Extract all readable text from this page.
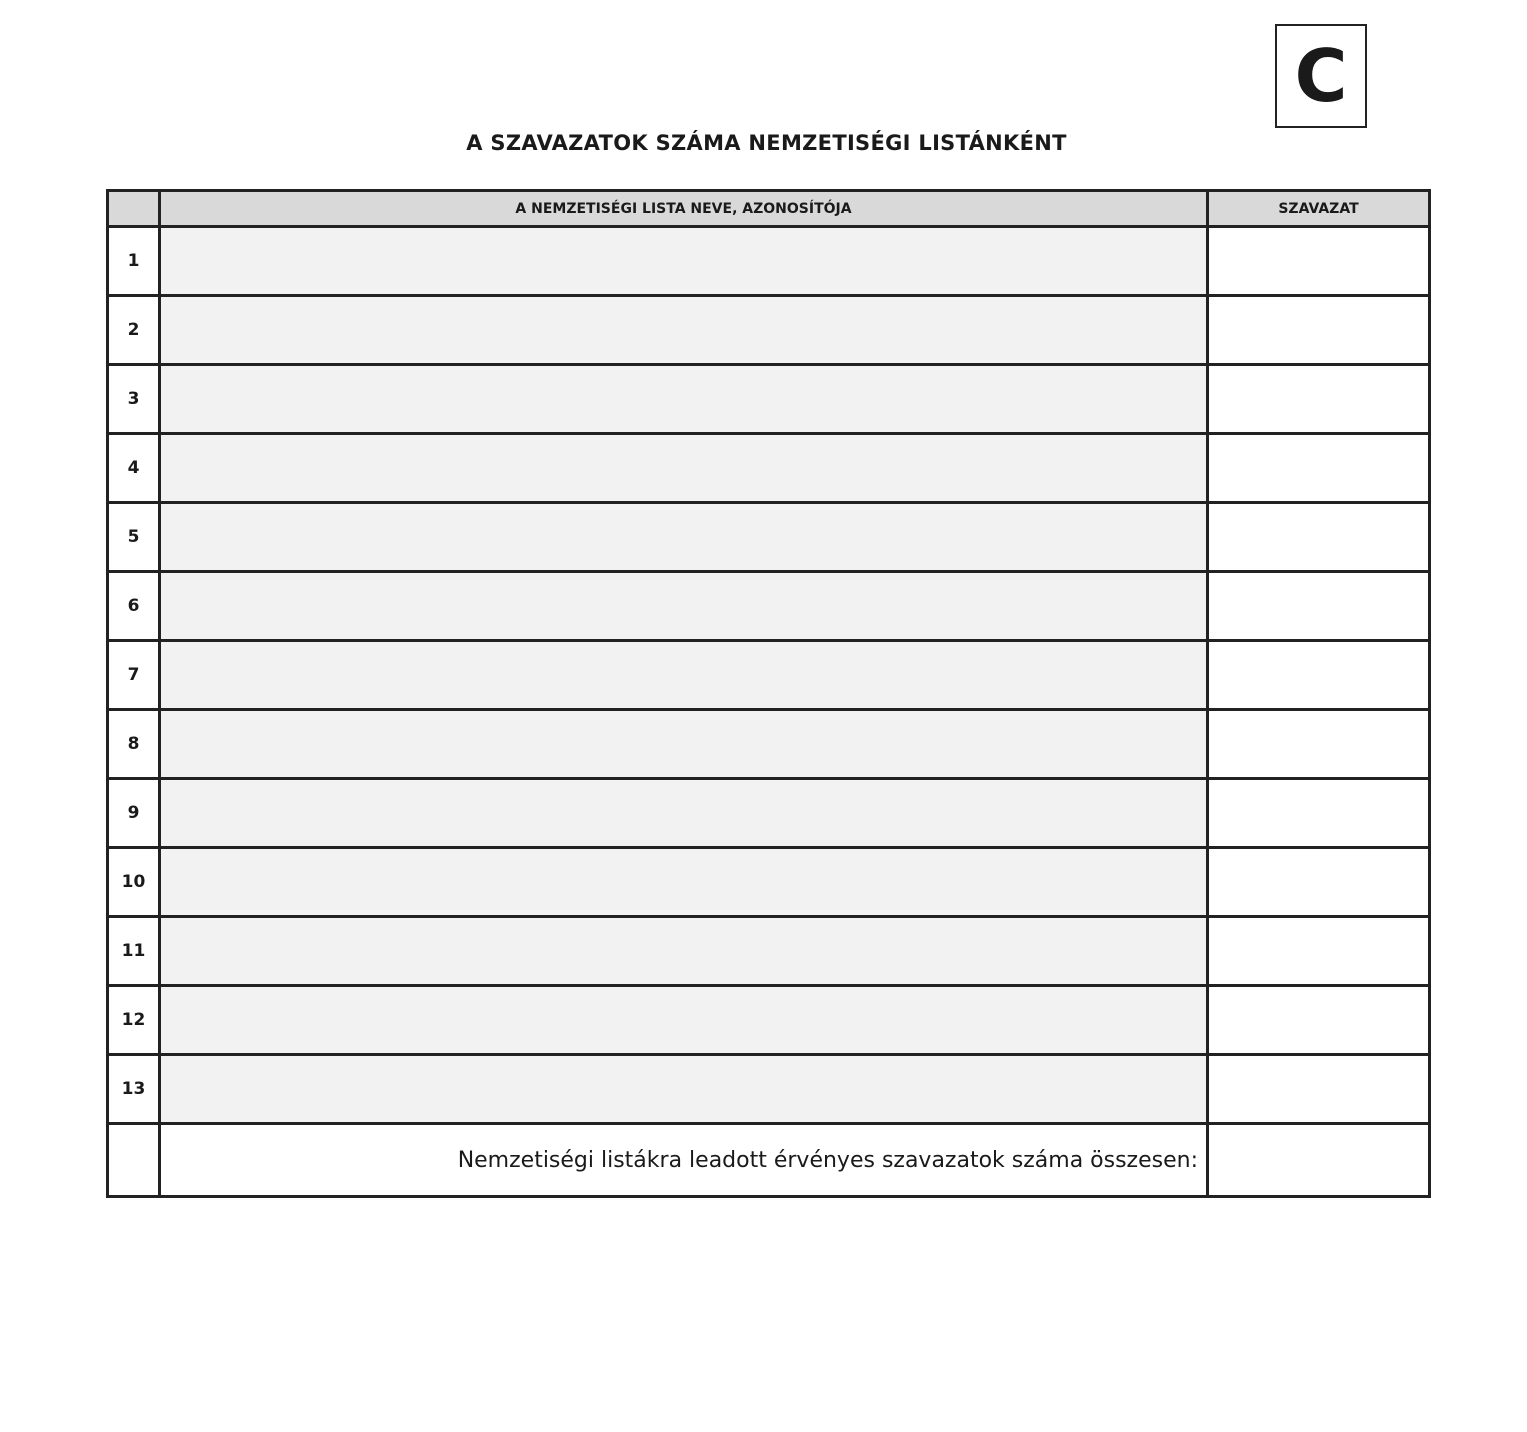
C
A SZAVAZATOK SZÁMA NEMZETISÉGI LISTÁNKÉNT
	A NEMZETISÉGI LISTA NEVE, AZONOSÍTÓJA	SZAVAZAT
1		
2		
3		
4		
5		
6		
7		
8		
9		
10		
11		
12		
13		
	Nemzetiségi listákra leadott érvényes szavazatok száma összesen:	
